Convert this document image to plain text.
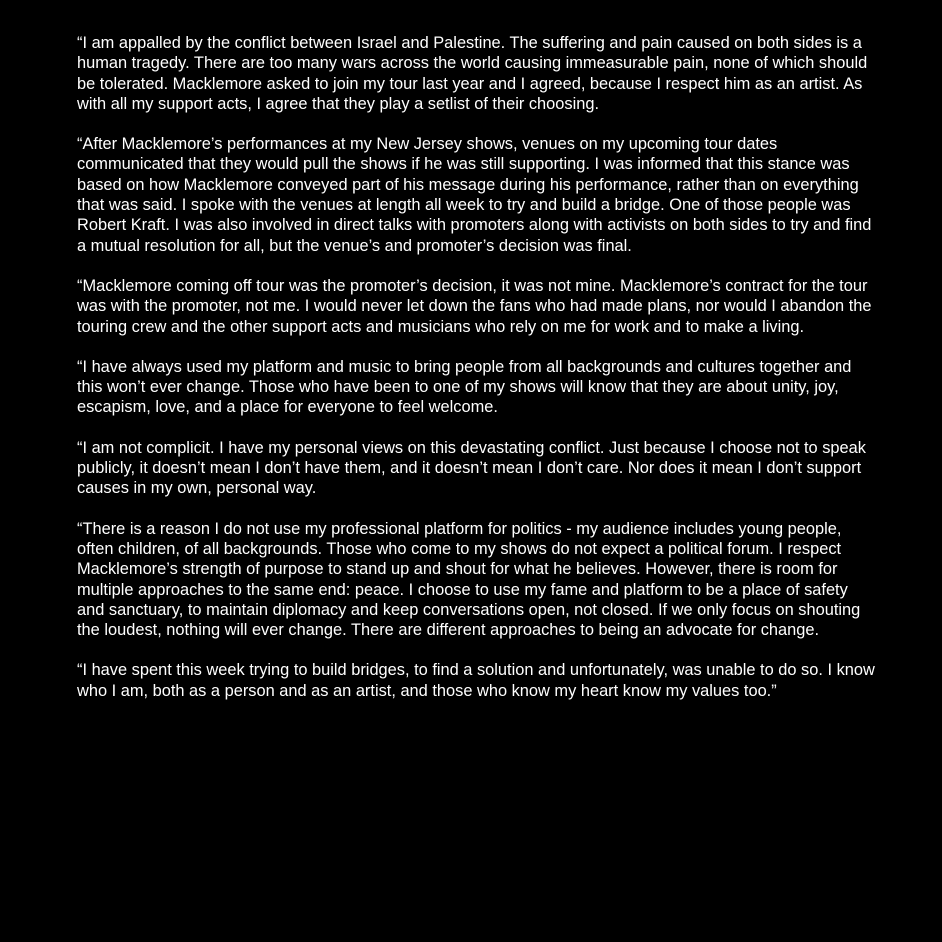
“I am appalled by the conflict between Israel and Palestine. The suffering and pain caused on both sides is a human tragedy. There are too many wars across the world causing immeasurable pain, none of which should be tolerated. Macklemore asked to join my tour last year and I agreed, because I respect him as an artist. As with all my support acts, I agree that they play a setlist of their choosing.

“After Macklemore’s performances at my New Jersey shows, venues on my upcoming tour dates communicated that they would pull the shows if he was still supporting. I was informed that this stance was based on how Macklemore conveyed part of his message during his performance, rather than on everything that was said. I spoke with the venues at length all week to try and build a bridge. One of those people was Robert Kraft. I was also involved in direct talks with promoters along with activists on both sides to try and find a mutual resolution for all, but the venue’s and promoter’s decision was final.

“Macklemore coming off tour was the promoter’s decision, it was not mine. Macklemore’s contract for the tour was with the promoter, not me. I would never let down the fans who had made plans, nor would I abandon the touring crew and the other support acts and musicians who rely on me for work and to make a living.

“I have always used my platform and music to bring people from all backgrounds and cultures together and this won’t ever change. Those who have been to one of my shows will know that they are about unity, joy, escapism, love, and a place for everyone to feel welcome.

“I am not complicit. I have my personal views on this devastating conflict. Just because I choose not to speak publicly, it doesn’t mean I don’t have them, and it doesn’t mean I don’t care. Nor does it mean I don’t support causes in my own, personal way.

“There is a reason I do not use my professional platform for politics - my audience includes young people, often children, of all backgrounds. Those who come to my shows do not expect a political forum. I respect Macklemore’s strength of purpose to stand up and shout for what he believes. However, there is room for multiple approaches to the same end: peace. I choose to use my fame and platform to be a place of safety and sanctuary, to maintain diplomacy and keep conversations open, not closed. If we only focus on shouting the loudest, nothing will ever change. There are different approaches to being an advocate for change.

“I have spent this week trying to build bridges, to find a solution and unfortunately, was unable to do so. I know who I am, both as a person and as an artist, and those who know my heart know my values too.”
